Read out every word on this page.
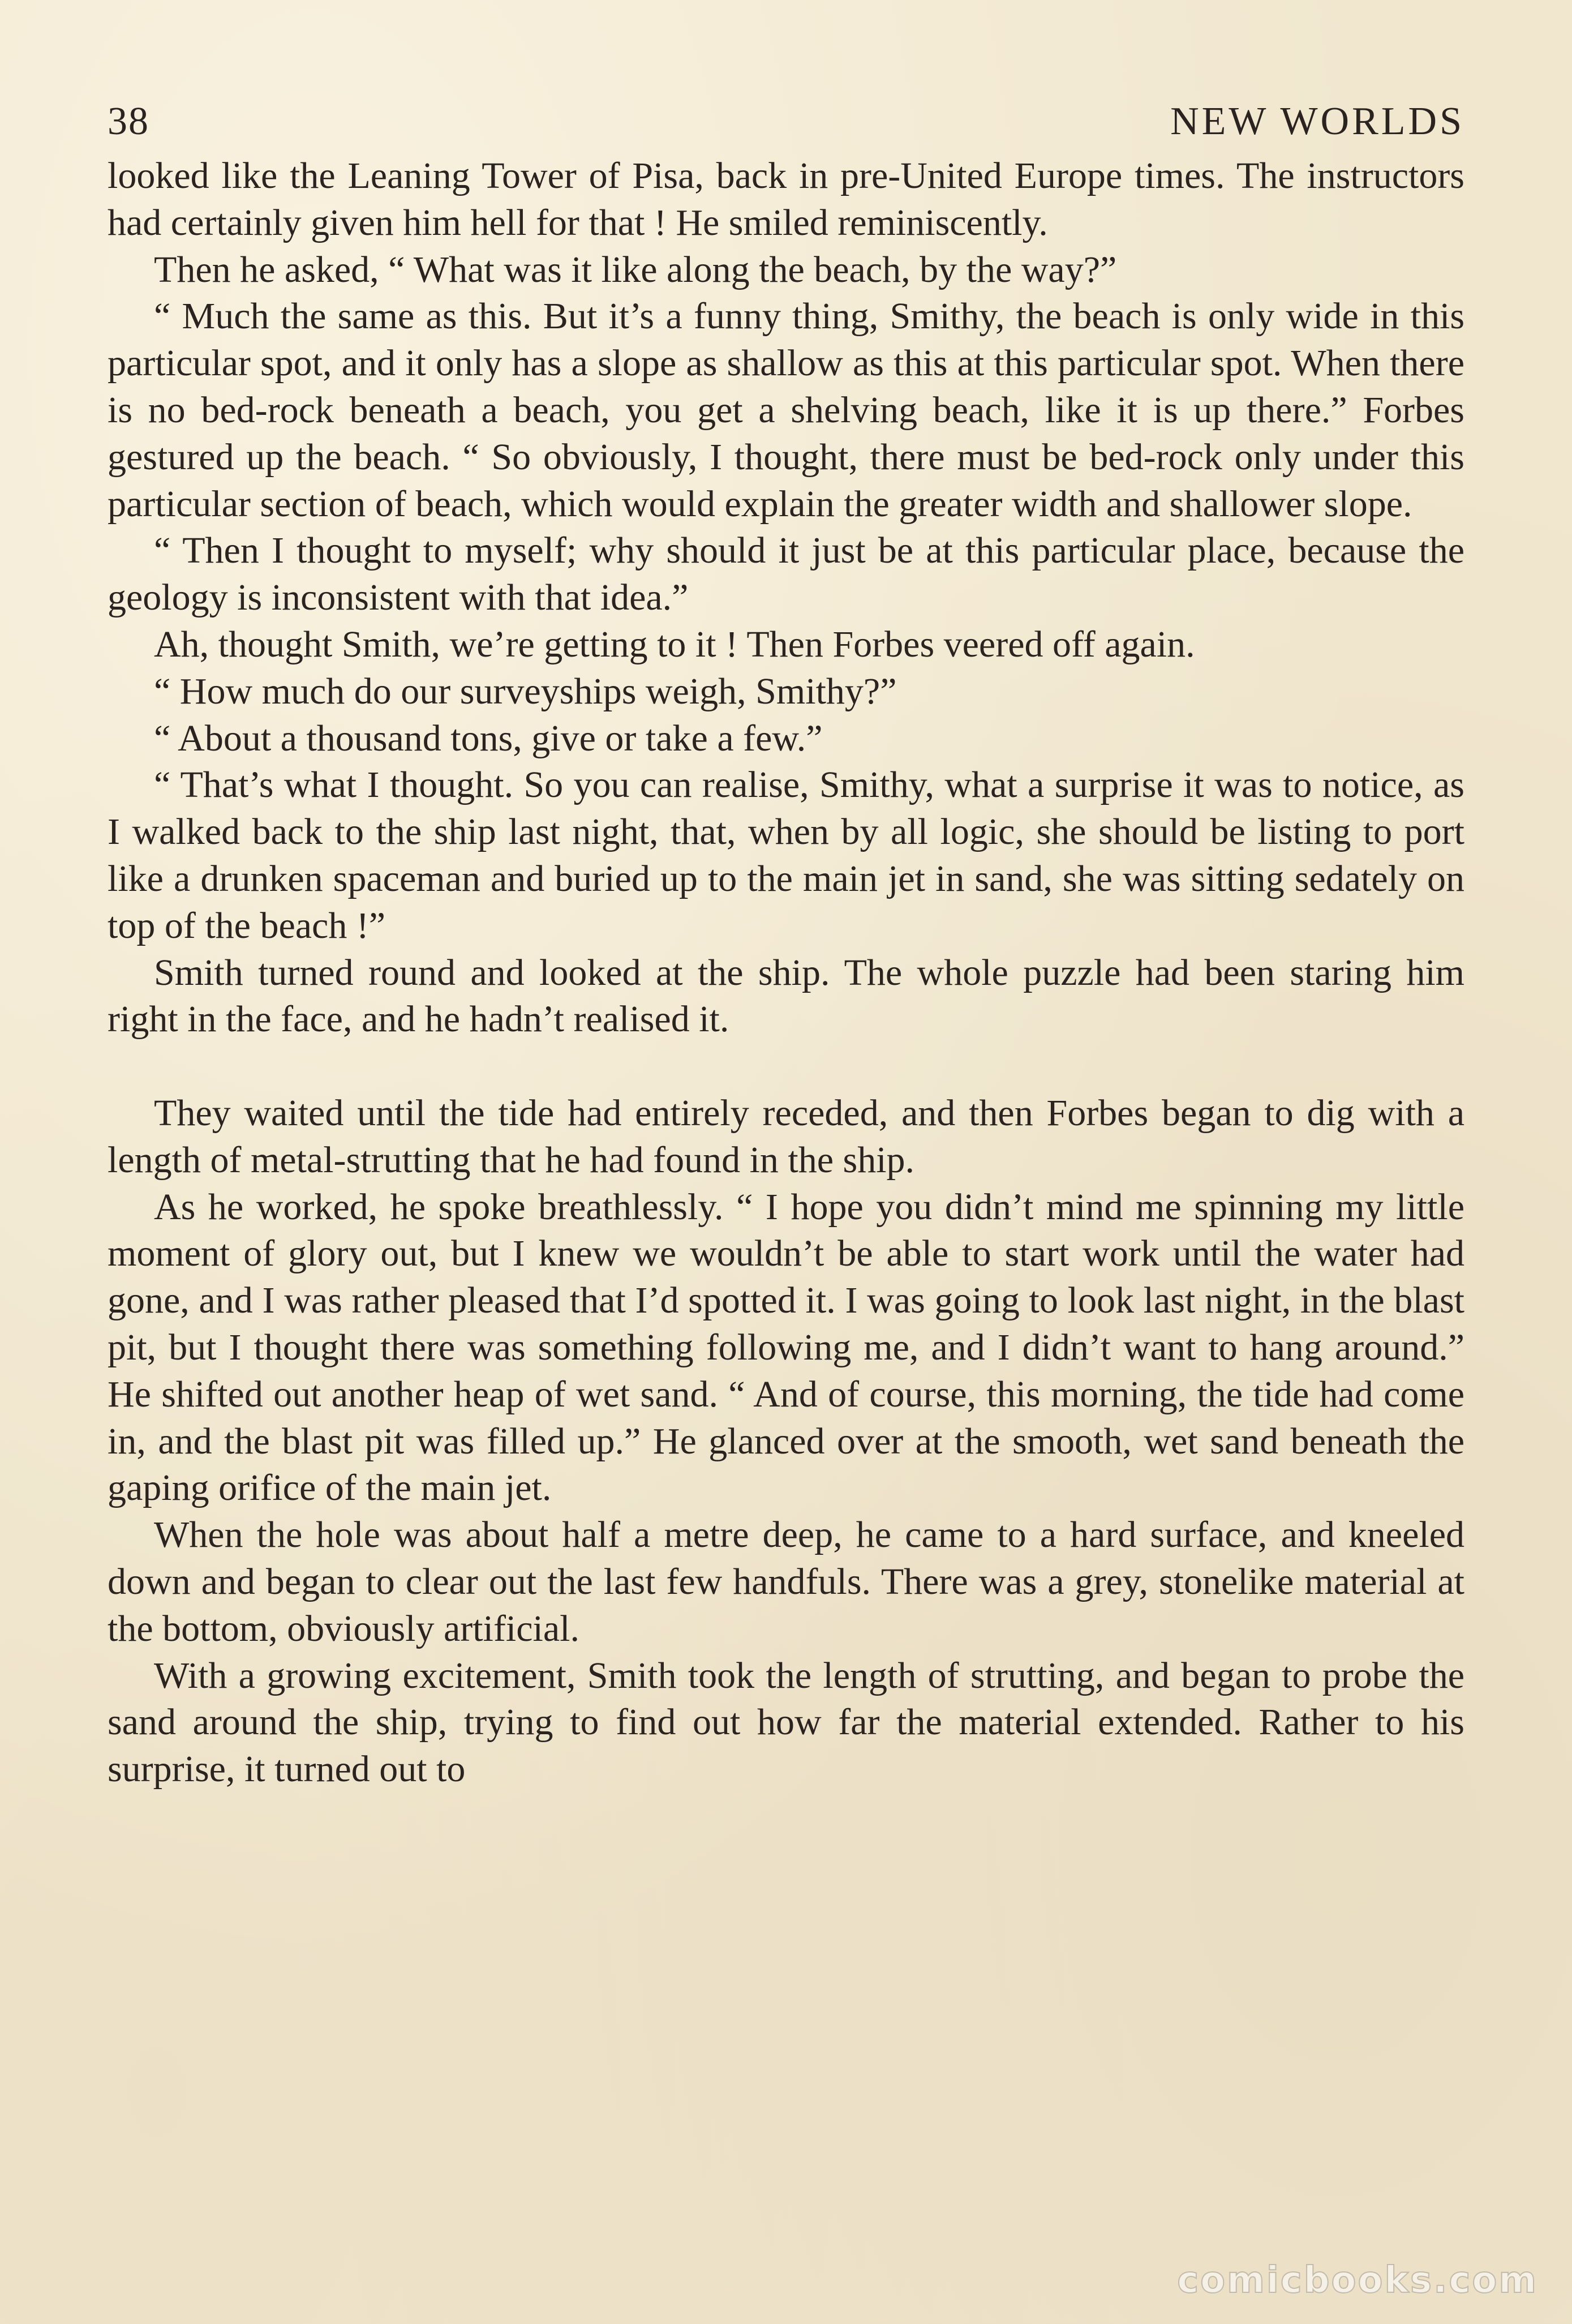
38	NEW WORLDS

looked like the Leaning Tower of Pisa, back in pre-United Europe times. The instructors had certainly given him hell for that ! He smiled reminiscently.

Then he asked, “ What was it like along the beach, by the way?”

“ Much the same as this. But it’s a funny thing, Smithy, the beach is only wide in this particular spot, and it only has a slope as shallow as this at this particular spot. When there is no bed-rock beneath a beach, you get a shelving beach, like it is up there.” Forbes gestured up the beach. “ So obviously, I thought, there must be bed-rock only under this particular section of beach, which would explain the greater width and shallower slope.

“ Then I thought to myself; why should it just be at this particular place, because the geology is inconsistent with that idea.”

Ah, thought Smith, we’re getting to it ! Then Forbes veered off again.

“ How much do our surveyships weigh, Smithy?”

“ About a thousand tons, give or take a few.”

“ That’s what I thought. So you can realise, Smithy, what a surprise it was to notice, as I walked back to the ship last night, that, when by all logic, she should be listing to port like a drunken spaceman and buried up to the main jet in sand, she was sitting sedately on top of the beach !”

Smith turned round and looked at the ship. The whole puzzle had been staring him right in the face, and he hadn’t realised it.

They waited until the tide had entirely receded, and then Forbes began to dig with a length of metal-strutting that he had found in the ship.

As he worked, he spoke breathlessly. “ I hope you didn’t mind me spinning my little moment of glory out, but I knew we wouldn’t be able to start work until the water had gone, and I was rather pleased that I’d spotted it. I was going to look last night, in the blast pit, but I thought there was something following me, and I didn’t want to hang around.” He shifted out another heap of wet sand. “ And of course, this morning, the tide had come in, and the blast pit was filled up.” He glanced over at the smooth, wet sand beneath the gaping orifice of the main jet.

When the hole was about half a metre deep, he came to a hard surface, and kneeled down and began to clear out the last few handfuls. There was a grey, stonelike material at the bottom, obviously artificial.

With a growing excitement, Smith took the length of strutting, and began to probe the sand around the ship, trying to find out how far the material extended. Rather to his surprise, it turned out to

comicbooks.com
